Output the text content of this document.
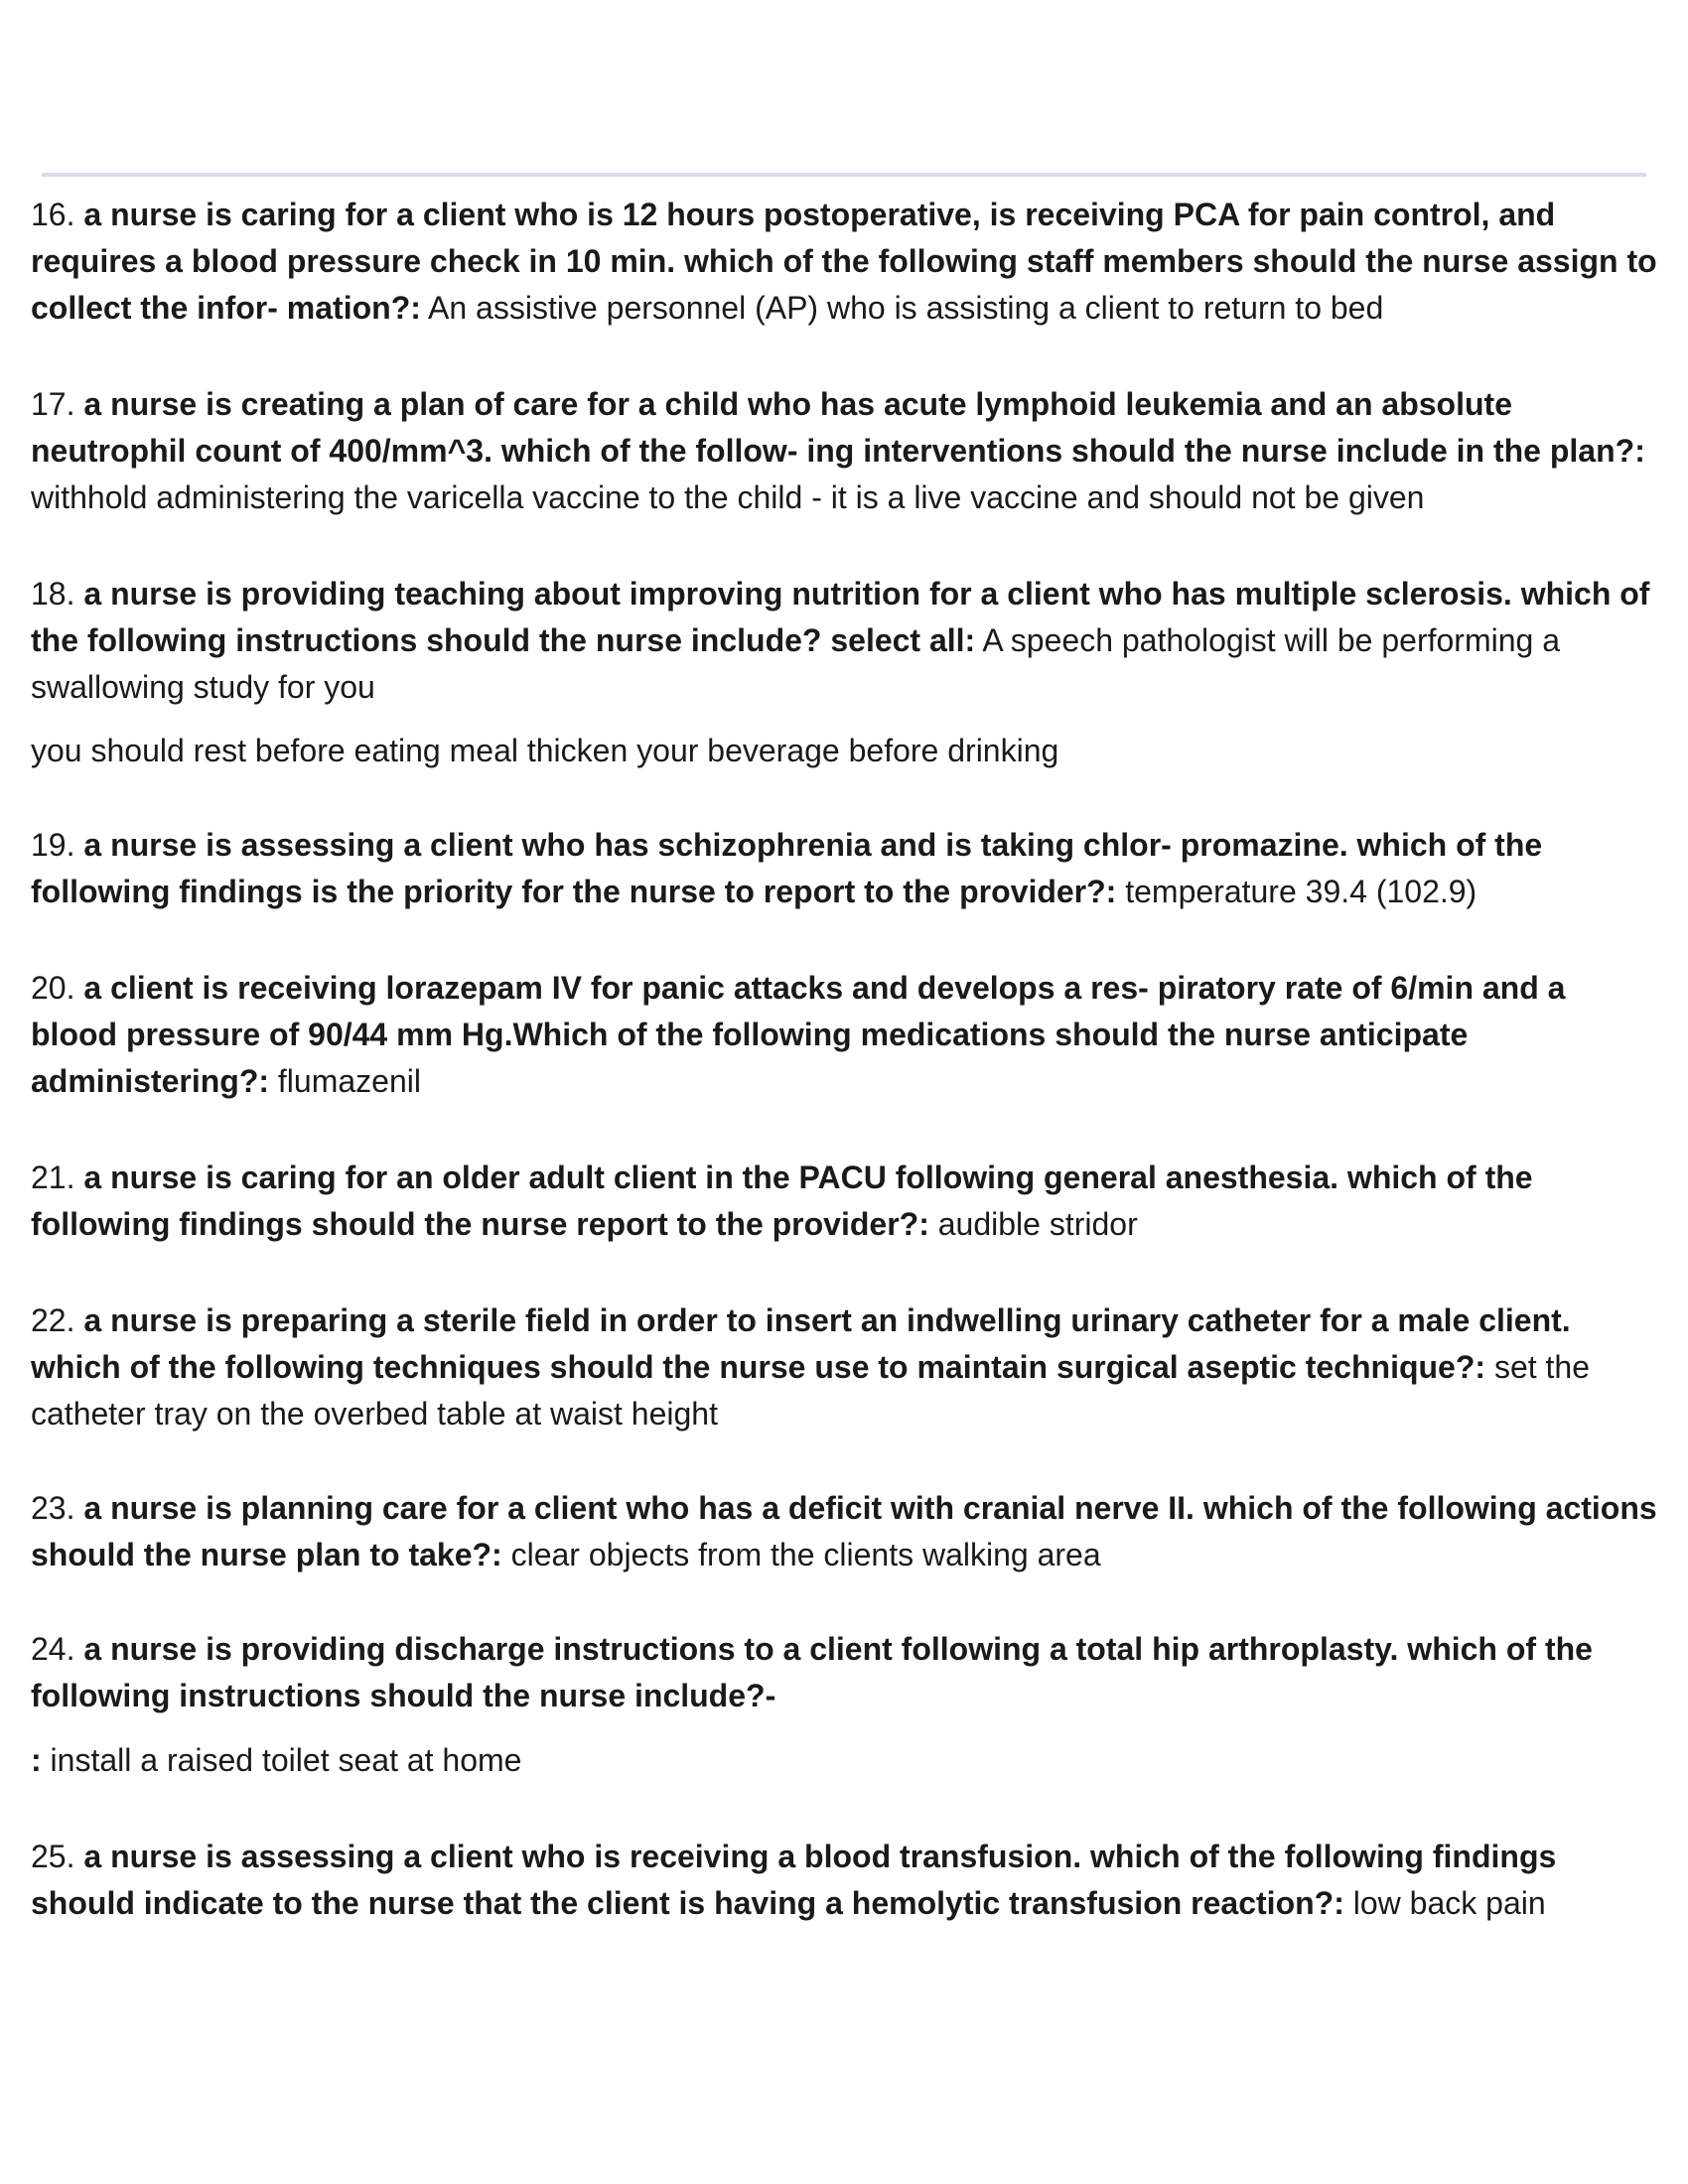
16. a nurse is caring for a client who is 12 hours postoperative, is receiving PCA for pain control, and requires a blood pressure check in 10 min. which of the following staff members should the nurse assign to collect the infor- mation?: An assistive personnel (AP) who is assisting a client to return to bed

17. a nurse is creating a plan of care for a child who has acute lymphoid leukemia and an absolute neutrophil count of 400/mm^3. which of the follow- ing interventions should the nurse include in the plan?: withhold administering the varicella vaccine to the child - it is a live vaccine and should not be given

18. a nurse is providing teaching about improving nutrition for a client who has multiple sclerosis. which of the following instructions should the nurse include? select all: A speech pathologist will be performing a swallowing study for you

you should rest before eating meal thicken your beverage before drinking

19. a nurse is assessing a client who has schizophrenia and is taking chlor- promazine. which of the following findings is the priority for the nurse to report to the provider?: temperature 39.4 (102.9)

20. a client is receiving lorazepam IV for panic attacks and develops a res- piratory rate of 6/min and a blood pressure of 90/44 mm Hg.Which of the following medications should the nurse anticipate administering?: flumazenil

21. a nurse is caring for an older adult client in the PACU following general anesthesia. which of the following findings should the nurse report to the provider?: audible stridor

22. a nurse is preparing a sterile field in order to insert an indwelling urinary catheter for a male client. which of the following techniques should the nurse use to maintain surgical aseptic technique?: set the catheter tray on the overbed table at waist height

23. a nurse is planning care for a client who has a deficit with cranial nerve II. which of the following actions should the nurse plan to take?: clear objects from the clients walking area

24. a nurse is providing discharge instructions to a client following a total hip arthroplasty. which of the following instructions should the nurse include?-

: install a raised toilet seat at home

25. a nurse is assessing a client who is receiving a blood transfusion. which of the following findings should indicate to the nurse that the client is having a hemolytic transfusion reaction?: low back pain
